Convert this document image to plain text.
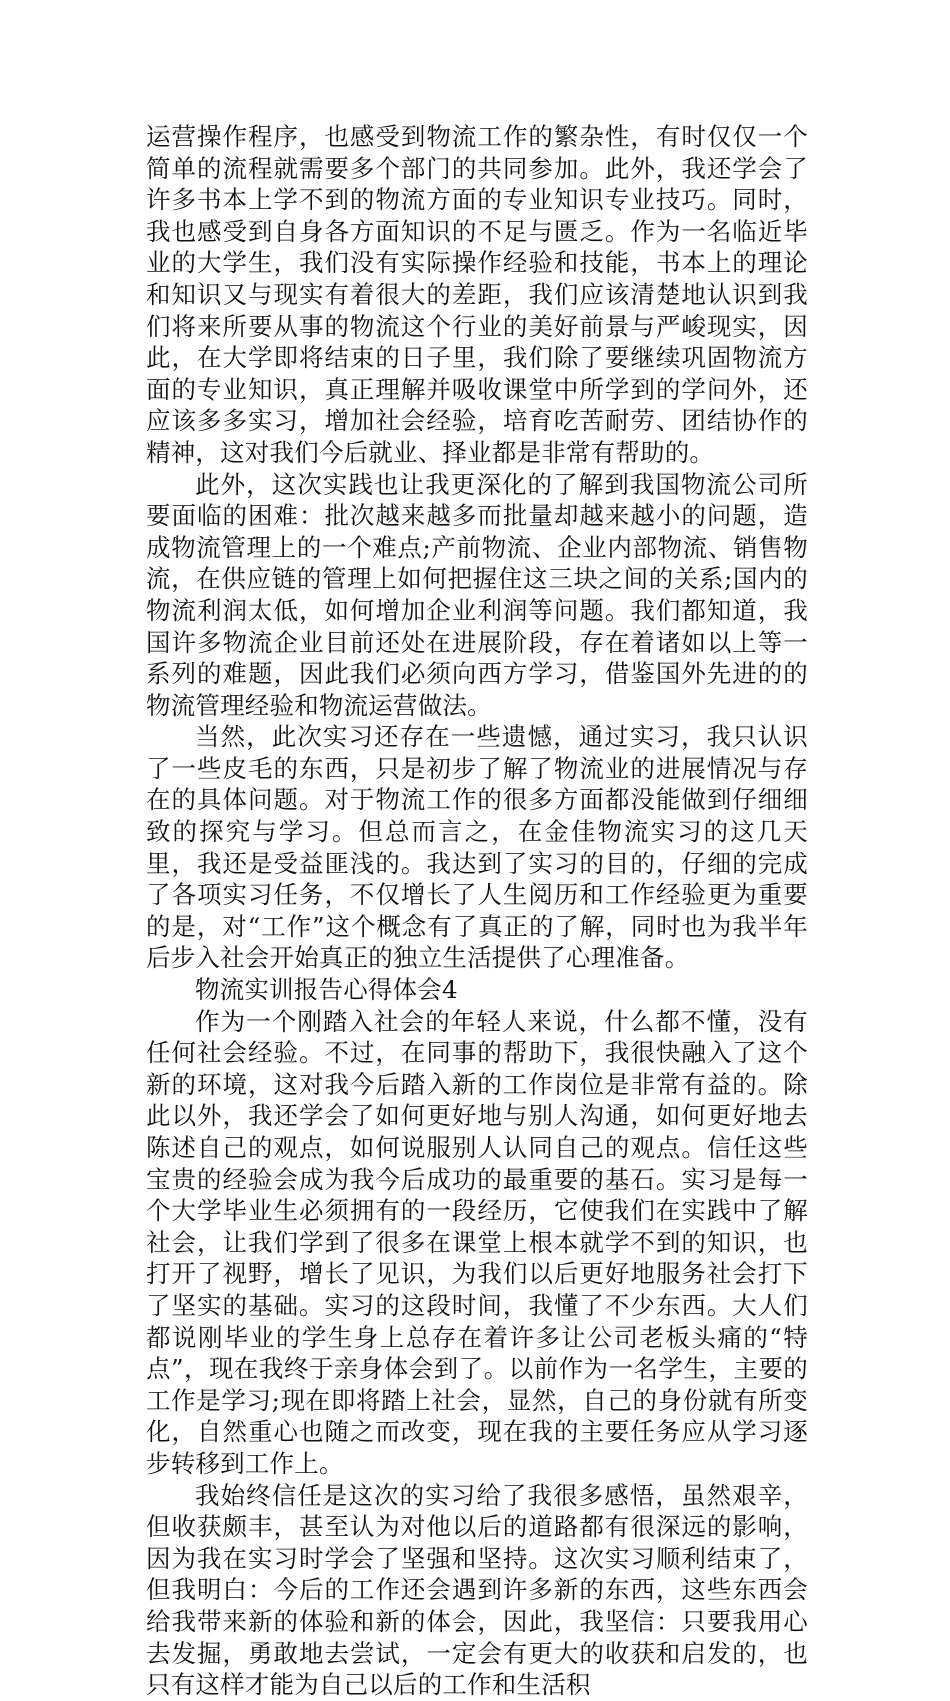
运营操作程序，也感受到物流工作的繁杂性，有时仅仅一个简单的流程就需要多个部门的共同参加。此外，我还学会了许多书本上学不到的物流方面的专业知识专业技巧。同时，我也感受到自身各方面知识的不足与匮乏。作为一名临近毕业的大学生，我们没有实际操作经验和技能，书本上的理论和知识又与现实有着很大的差距，我们应该清楚地认识到我们将来所要从事的物流这个行业的美好前景与严峻现实，因此，在大学即将结束的日子里，我们除了要继续巩固物流方面的专业知识，真正理解并吸收课堂中所学到的学问外，还应该多多实习，增加社会经验，培育吃苦耐劳、团结协作的精神，这对我们今后就业、择业都是非常有帮助的。

此外，这次实践也让我更深化的了解到我国物流公司所要面临的困难：批次越来越多而批量却越来越小的问题，造成物流管理上的一个难点;产前物流、企业内部物流、销售物流，在供应链的管理上如何把握住这三块之间的关系;国内的物流利润太低，如何增加企业利润等问题。我们都知道，我国许多物流企业目前还处在进展阶段，存在着诸如以上等一系列的难题，因此我们必须向西方学习，借鉴国外先进的的物流管理经验和物流运营做法。

当然，此次实习还存在一些遗憾，通过实习，我只认识了一些皮毛的东西，只是初步了解了物流业的进展情况与存在的具体问题。对于物流工作的很多方面都没能做到仔细细致的探究与学习。但总而言之，在金佳物流实习的这几天里，我还是受益匪浅的。我达到了实习的目的，仔细的完成了各项实习任务，不仅增长了人生阅历和工作经验更为重要的是，对“工作”这个概念有了真正的了解，同时也为我半年后步入社会开始真正的独立生活提供了心理准备。

物流实训报告心得体会4

作为一个刚踏入社会的年轻人来说，什么都不懂，没有任何社会经验。不过，在同事的帮助下，我很快融入了这个新的环境，这对我今后踏入新的工作岗位是非常有益的。除此以外，我还学会了如何更好地与别人沟通，如何更好地去陈述自己的观点，如何说服别人认同自己的观点。信任这些宝贵的经验会成为我今后成功的最重要的基石。实习是每一个大学毕业生必须拥有的一段经历，它使我们在实践中了解社会，让我们学到了很多在课堂上根本就学不到的知识，也打开了视野，增长了见识，为我们以后更好地服务社会打下了坚实的基础。实习的这段时间，我懂了不少东西。大人们都说刚毕业的学生身上总存在着许多让公司老板头痛的“特点”，现在我终于亲身体会到了。以前作为一名学生，主要的工作是学习;现在即将踏上社会，显然，自己的身份就有所变化，自然重心也随之而改变，现在我的主要任务应从学习逐步转移到工作上。

我始终信任是这次的实习给了我很多感悟，虽然艰辛，但收获颇丰，甚至认为对他以后的道路都有很深远的影响，因为我在实习时学会了坚强和坚持。这次实习顺利结束了，但我明白：今后的工作还会遇到许多新的东西，这些东西会给我带来新的体验和新的体会，因此，我坚信：只要我用心去发掘，勇敢地去尝试，一定会有更大的收获和启发的，也只有这样才能为自己以后的工作和生活积
